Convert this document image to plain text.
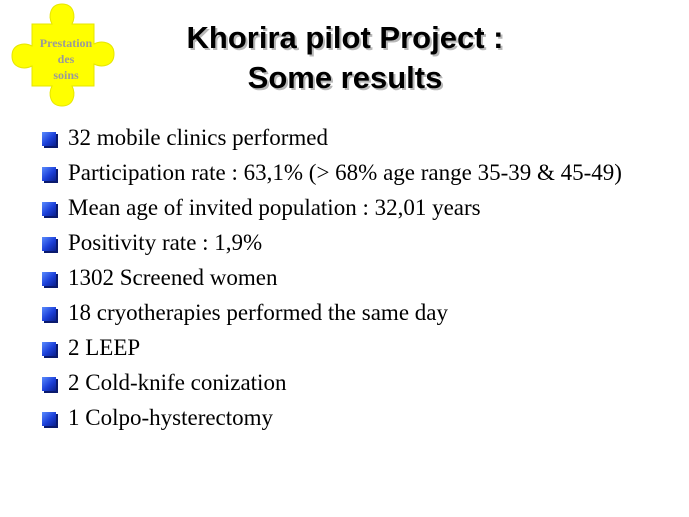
Prestation
des
soins
Khorira pilot Project :
Some results
32 mobile clinics performed
Participation rate : 63,1% (> 68% age range 35-39 & 45-49)
Mean age of invited population : 32,01 years
Positivity rate : 1,9%
1302 Screened women
18 cryotherapies performed the same day
2 LEEP
2 Cold-knife conization
1 Colpo-hysterectomy
